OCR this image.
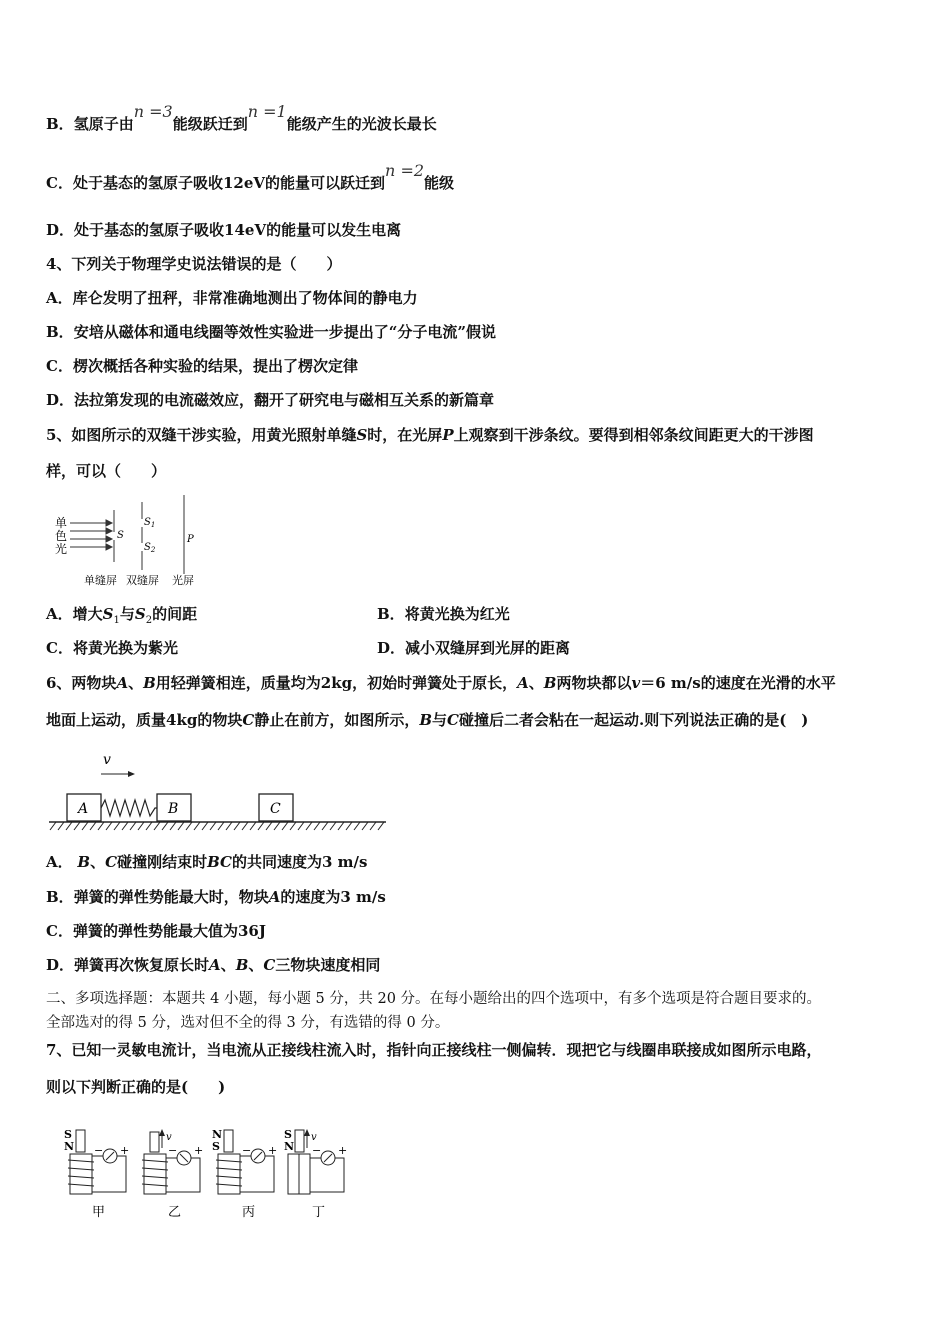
B．氢原子由n =3能级跃迁到n =1能级产生的光波长最长
C．处于基态的氢原子吸收12eV的能量可以跃迁到n =2能级
D．处于基态的氢原子吸收14eV的能量可以发生电离
4、下列关于物理学史说法错误的是（　　）
A．库仑发明了扭秤，非常准确地测出了物体间的静电力
B．安培从磁体和通电线圈等效性实验进一步提出了“分子电流”假说
C．楞次概括各种实验的结果，提出了楞次定律
D．法拉第发现的电流磁效应，翻开了研究电与磁相互关系的新篇章
5、如图所示的双缝干涉实验，用黄光照射单缝S时，在光屏P上观察到干涉条纹。要得到相邻条纹间距更大的干涉图
样，可以（　　）
单
色
光
S
$S_1$
$S_2$
P
单缝屏 双缝屏 光屏
A．增大$S_1$与$S_2$的间距	B．将黄光换为红光
C．将黄光换为紫光	D．减小双缝屏到光屏的距离
6、两物块A、B用轻弹簧相连，质量均为2kg，初始时弹簧处于原长，A、B两物块都以v＝6 m/s的速度在光滑的水平
地面上运动，质量4kg的物块C静止在前方，如图所示，B与C碰撞后二者会粘在一起运动.则下列说法正确的是(　)
v
A	B	C
A． B、C碰撞刚结束时BC的共同速度为3 m/s
B．弹簧的弹性势能最大时，物块A的速度为3 m/s
C．弹簧的弹性势能最大值为36J
D．弹簧再次恢复原长时A、B、C三物块速度相同
二、多项选择题：本题共 4 小题，每小题 5 分，共 20 分。在每小题给出的四个选项中，有多个选项是符合题目要求的。
全部选对的得 5 分，选对但不全的得 3 分，有选错的得 0 分。
7、已知一灵敏电流计，当电流从正接线柱流入时，指针向正接线柱一侧偏转．现把它与线圈串联接成如图所示电路，
则以下判断正确的是(　　)
S
N − +
甲
v
− +
乙
N
S − +
丙
S
N
v
− +
丁
